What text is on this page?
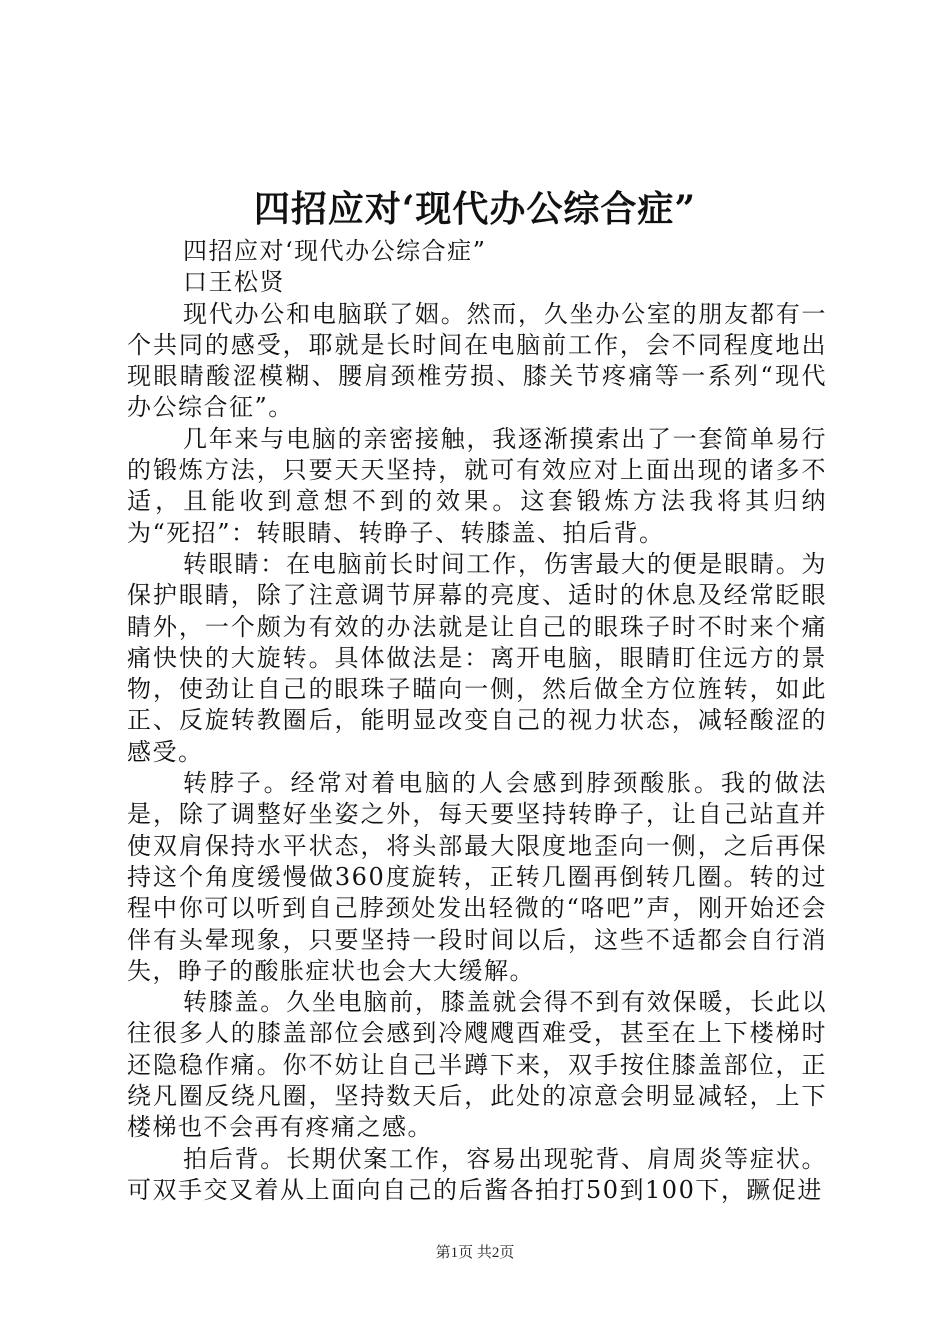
四招应对‘现代办公综合症”

四招应对‘现代办公综合症”

口王松贤

现代办公和电脑联了姻。然而，久坐办公室的朋友都有一个共同的感受，耶就是长时间在电脑前工作，会不同程度地出现眼睛酸涩模糊、腰肩颈椎劳损、膝关节疼痛等一系列“现代办公综合征”。

几年来与电脑的亲密接触，我逐渐摸索出了一套简单易行的锻炼方法，只要天天坚持，就可有效应对上面出现的诸多不适，且能收到意想不到的效果。这套锻炼方法我将其归纳为“死招”：转眼睛、转睁子、转膝盖、拍后背。

转眼睛：在电脑前长时间工作，伤害最大的便是眼睛。为保护眼睛，除了注意调节屏幕的亮度、适时的休息及经常眨眼睛外，一个颇为有效的办法就是让自己的眼珠子时不时来个痛痛快快的大旋转。具体做法是：离开电脑，眼睛盯住远方的景物，使劲让自己的眼珠子瞄向一侧，然后做全方位旌转，如此正、反旋转教圈后，能明显改变自己的视力状态，减轻酸涩的感受。

转脖子。经常对着电脑的人会感到脖颈酸胀。我的做法是，除了调整好坐姿之外，每天要坚持转睁子，让自己站直并使双肩保持水平状态，将头部最大限度地歪向一侧，之后再保持这个角度缓慢做360度旋转，正转几圈再倒转几圈。转的过程中你可以听到自己脖颈处发出轻微的“咯吧”声，刚开始还会伴有头晕现象，只要坚持一段时间以后，这些不适都会自行消失，睁子的酸胀症状也会大大缓解。

转膝盖。久坐电脑前，膝盖就会得不到有效保暖，长此以往很多人的膝盖部位会感到冷飕飕酉难受，甚至在上下楼梯时还隐稳作痛。你不妨让自己半蹲下来，双手按住膝盖部位，正绕凡圈反绕凡圈，坚持数天后，此处的凉意会明显减轻，上下楼梯也不会再有疼痛之感。

拍后背。长期伏案工作，容易出现驼背、肩周炎等症状。可双手交叉着从上面向自己的后酱各拍打50到100下，蹶促进

第1页 共2页
